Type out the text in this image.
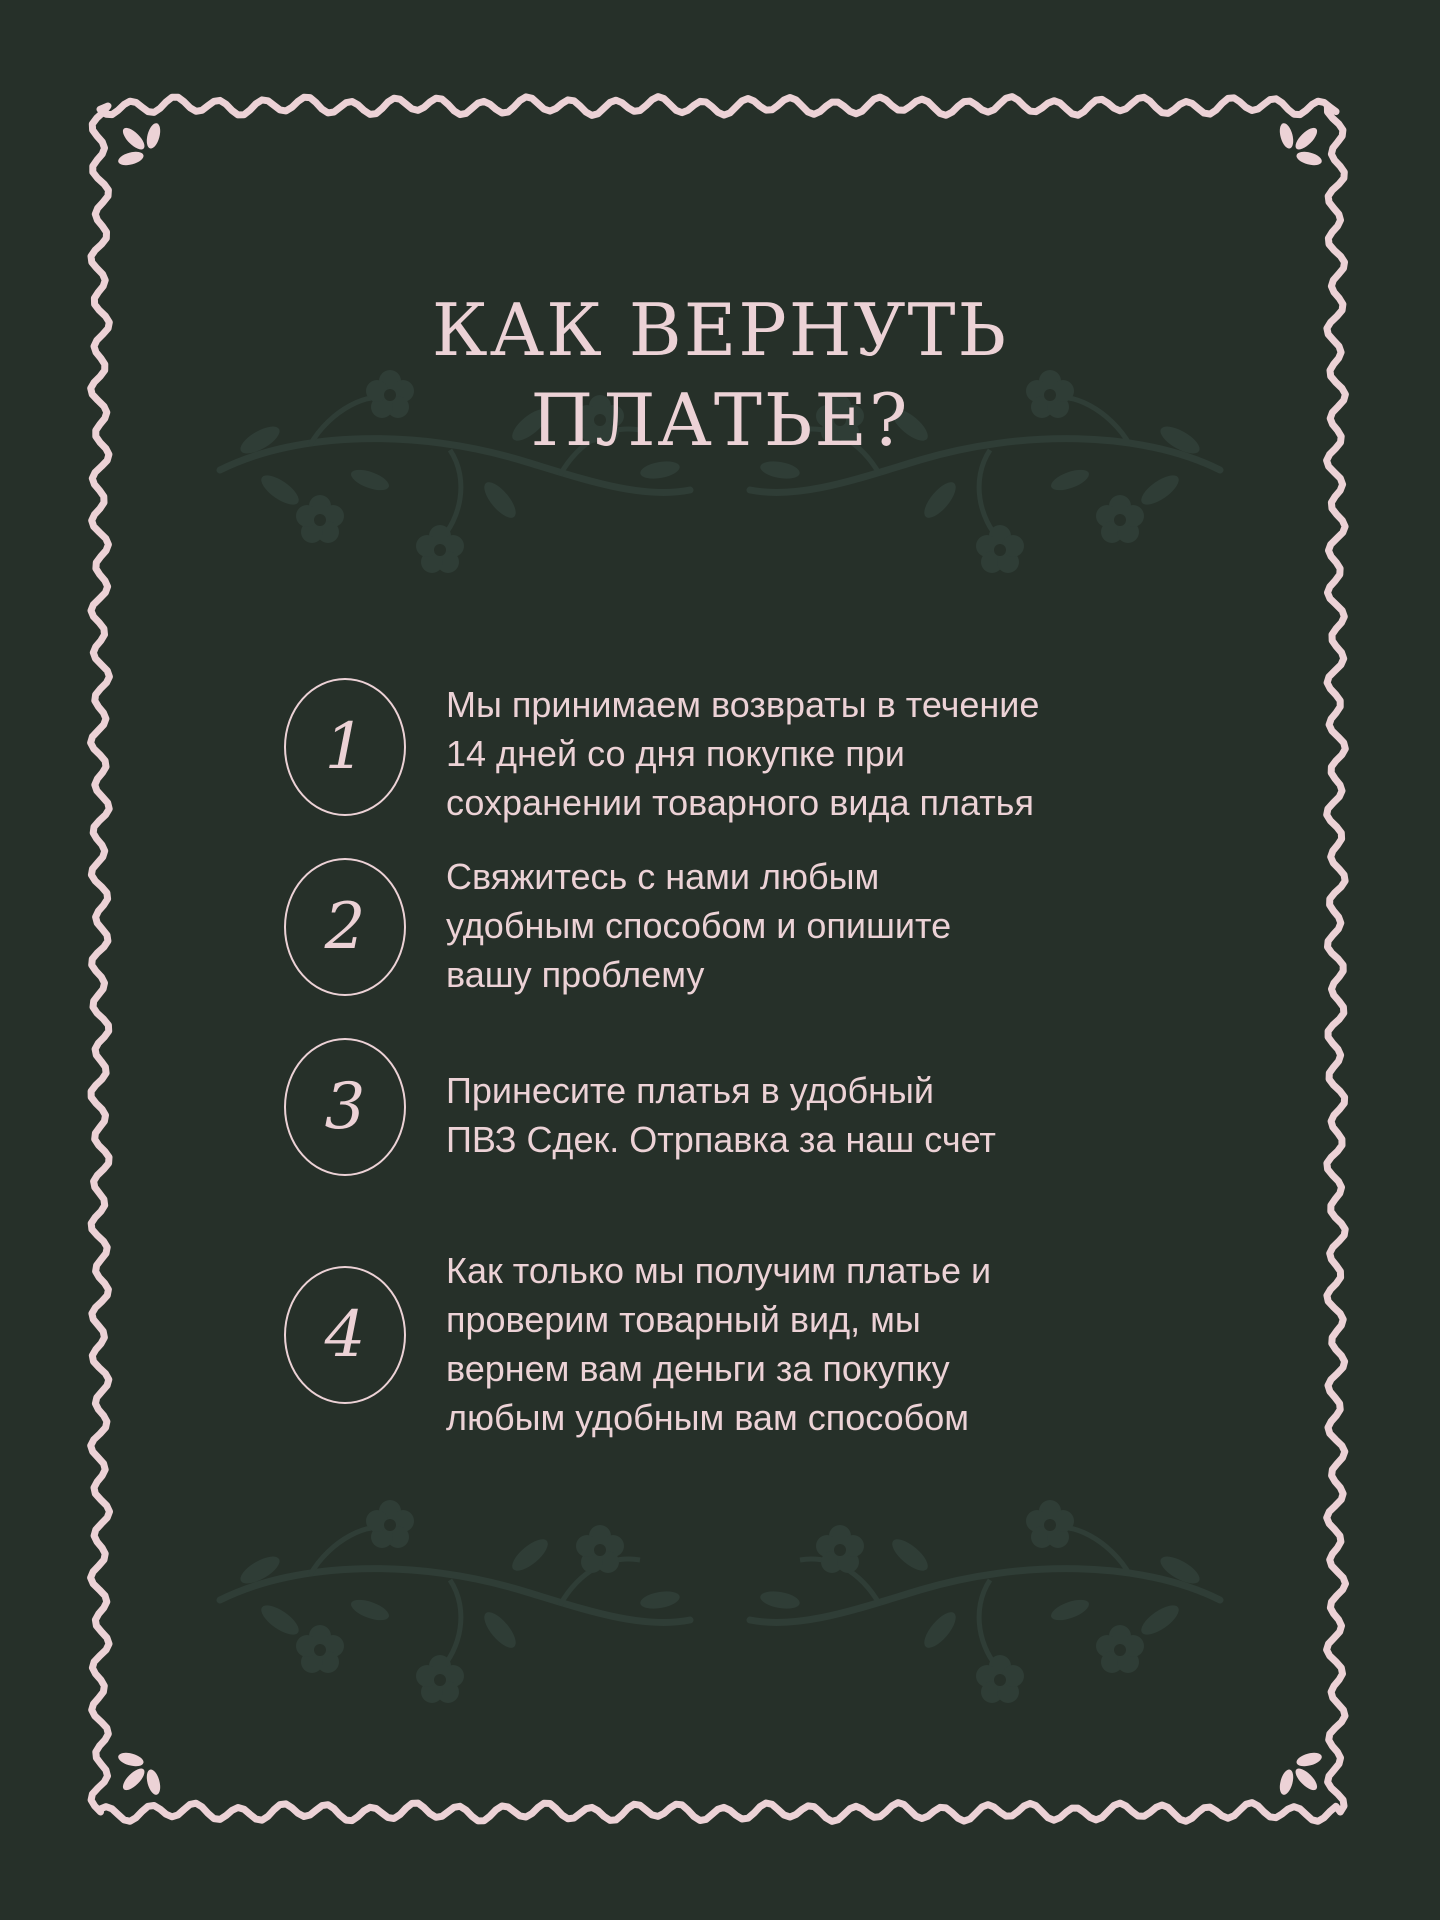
КАК ВЕРНУТЬ
ПЛАТЬЕ?
1
Мы принимаем возвраты в течение
14 дней со дня покупке при
сохранении товарного вида платья
2
Свяжитесь с нами любым
удобным способом и опишите
вашу проблему
3	Принесите платья в удобный
ПВЗ Сдек. Отрпавка за наш счет
4
Как только мы получим платье и
проверим товарный вид, мы
вернем вам деньги за покупку
любым удобным вам способом
